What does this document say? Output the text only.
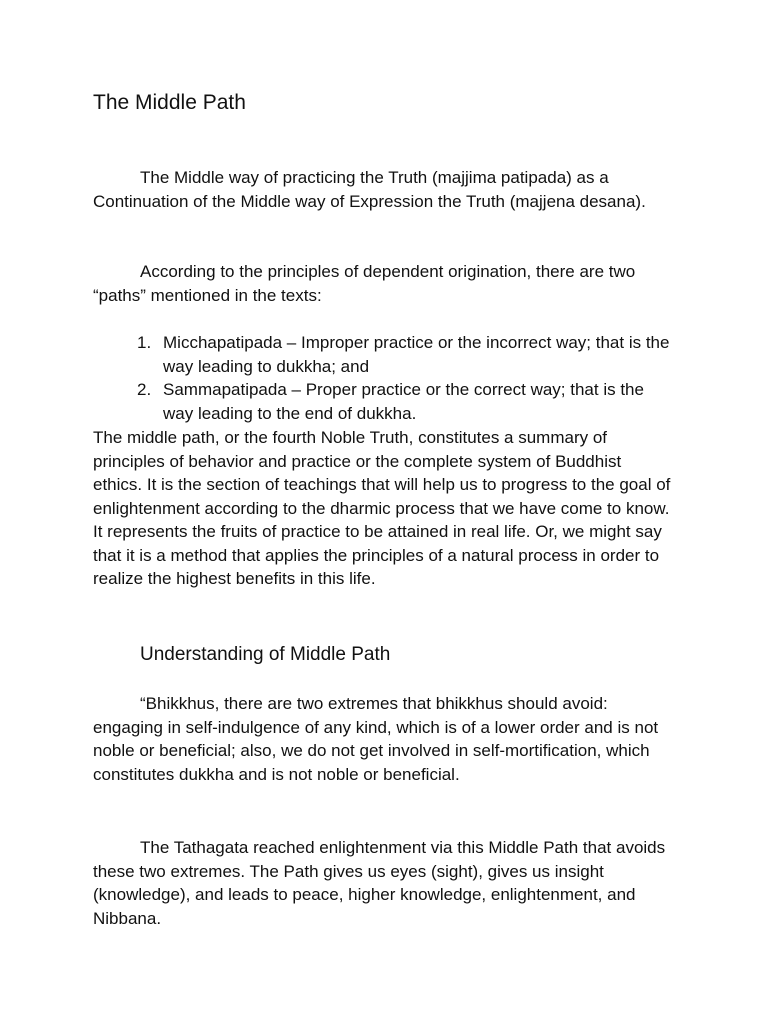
The Middle Path

The Middle way of practicing the Truth (majjima patipada) as a Continuation of the Middle way of Expression the Truth (majjena desana).

According to the principles of dependent origination, there are two “paths” mentioned in the texts:

1. Micchapatipada – Improper practice or the incorrect way; that is the way leading to dukkha; and
2. Sammapatipada – Proper practice or the correct way; that is the way leading to the end of dukkha.

The middle path, or the fourth Noble Truth, constitutes a summary of principles of behavior and practice or the complete system of Buddhist ethics. It is the section of teachings that will help us to progress to the goal of enlightenment according to the dharmic process that we have come to know. It represents the fruits of practice to be attained in real life. Or, we might say that it is a method that applies the principles of a natural process in order to realize the highest benefits in this life.

Understanding of Middle Path

“Bhikkhus, there are two extremes that bhikkhus should avoid: engaging in self-indulgence of any kind, which is of a lower order and is not noble or beneficial; also, we do not get involved in self-mortification, which constitutes dukkha and is not noble or beneficial.

The Tathagata reached enlightenment via this Middle Path that avoids these two extremes. The Path gives us eyes (sight), gives us insight (knowledge), and leads to peace, higher knowledge, enlightenment, and Nibbana.
